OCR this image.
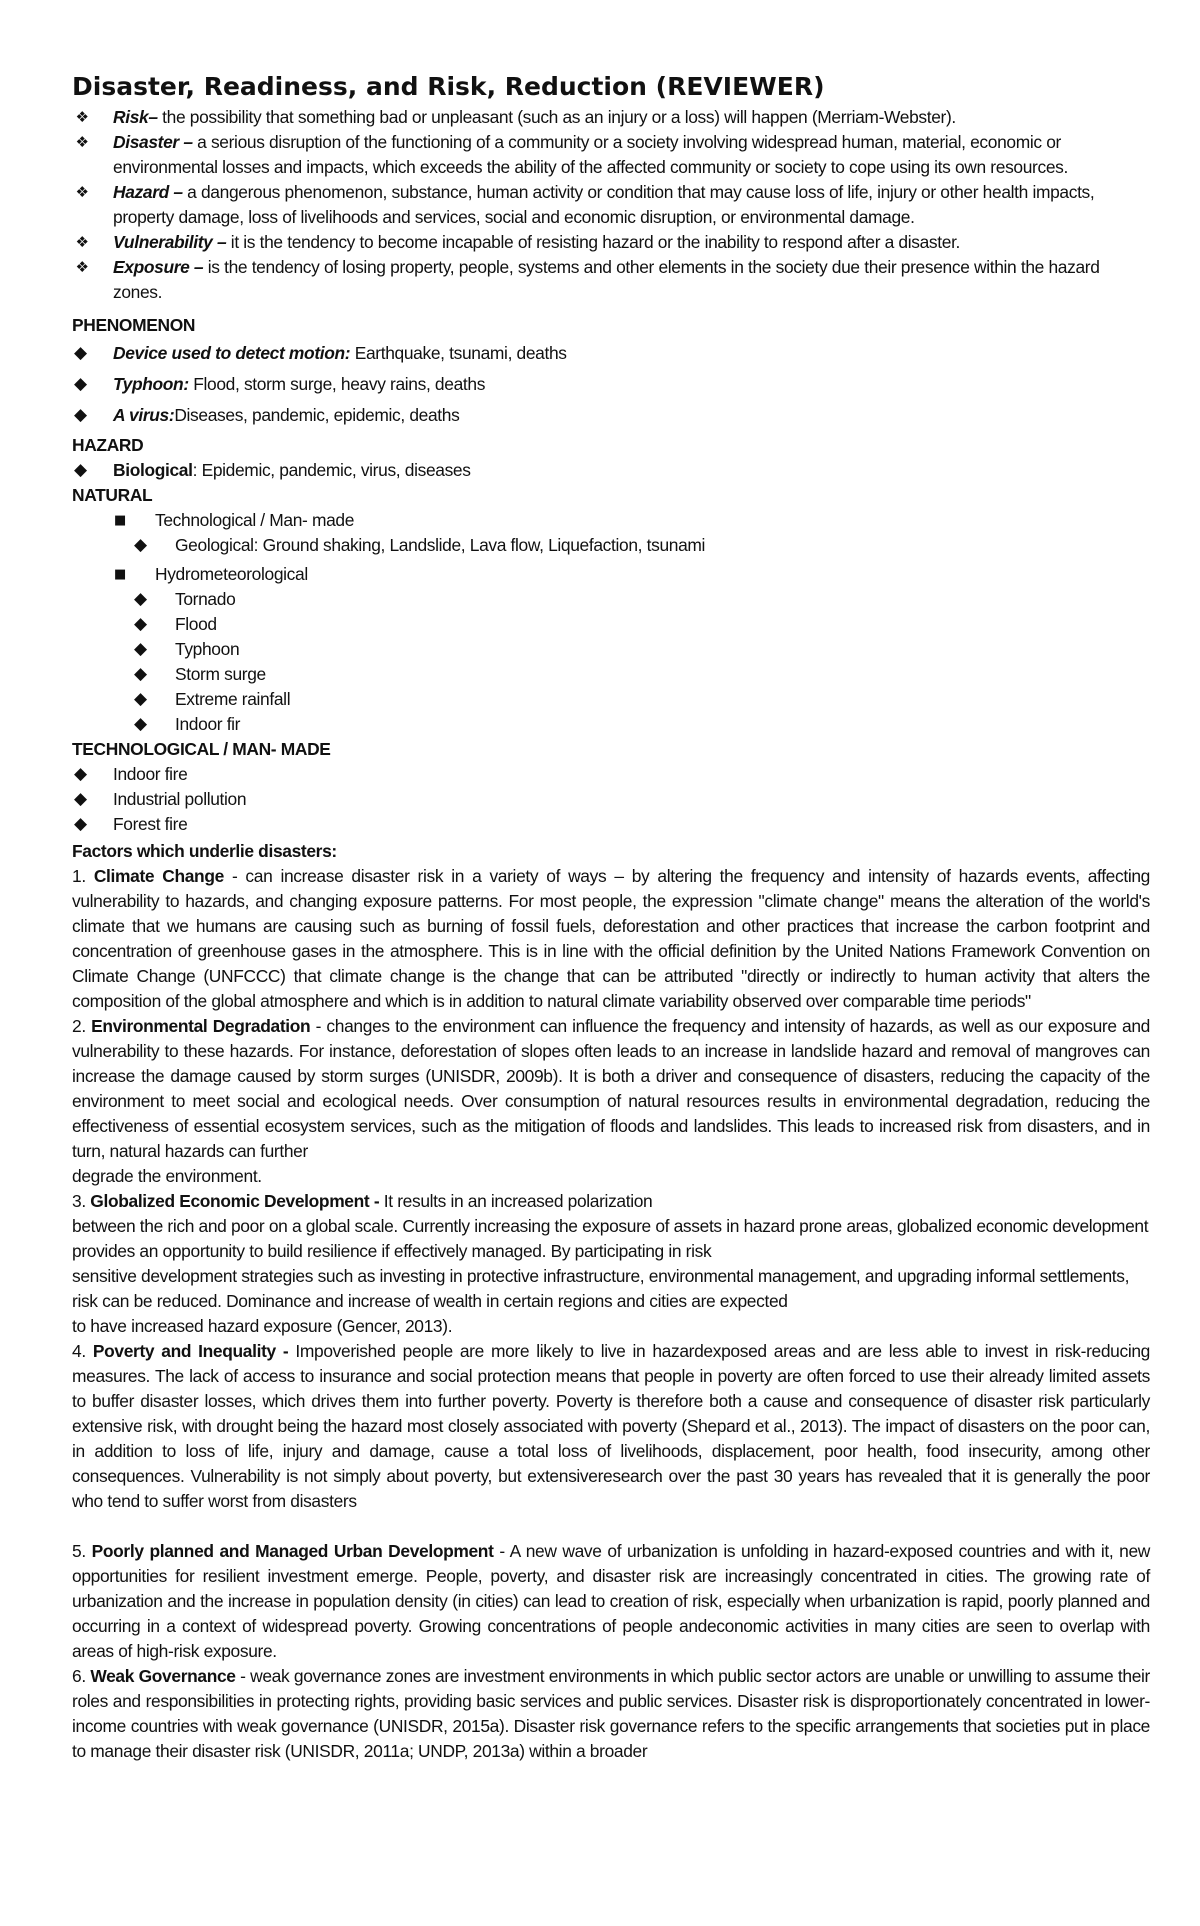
Disaster, Readiness, and Risk, Reduction (REVIEWER)
❖ Risk– the possibility that something bad or unpleasant (such as an injury or a loss) will happen (Merriam-Webster).
❖ Disaster – a serious disruption of the functioning of a community or a society involving widespread human, material, economic or environmental losses and impacts, which exceeds the ability of the affected community or society to cope using its own resources.
❖ Hazard – a dangerous phenomenon, substance, human activity or condition that may cause loss of life, injury or other health impacts, property damage, loss of livelihoods and services, social and economic disruption, or environmental damage.
❖ Vulnerability – it is the tendency to become incapable of resisting hazard or the inability to respond after a disaster.
❖ Exposure – is the tendency of losing property, people, systems and other elements in the society due their presence within the hazard zones.
PHENOMENON
◆ Device used to detect motion: Earthquake, tsunami, deaths
◆ Typhoon: Flood, storm surge, heavy rains, deaths
◆ A virus:Diseases, pandemic, epidemic, deaths
HAZARD
◆ Biological: Epidemic, pandemic, virus, diseases
NATURAL
■ Technological / Man- made
◆ Geological: Ground shaking, Landslide, Lava flow, Liquefaction, tsunami
■ Hydrometeorological
◆ Tornado
◆ Flood
◆ Typhoon
◆ Storm surge
◆ Extreme rainfall
◆ Indoor fir
TECHNOLOGICAL / MAN- MADE
◆ Indoor fire
◆ Industrial pollution
◆ Forest fire
Factors which underlie disasters:

1. Climate Change - can increase disaster risk in a variety of ways – by altering the frequency and intensity of hazards events, affecting vulnerability to hazards, and changing exposure patterns. For most people, the expression "climate change" means the alteration of the world's climate that we humans are causing such as burning of fossil fuels, deforestation and other practices that increase the carbon footprint and concentration of greenhouse gases in the atmosphere. This is in line with the official definition by the United Nations Framework Convention on Climate Change (UNFCCC) that climate change is the change that can be attributed "directly or indirectly to human activity that alters the composition of the global atmosphere and which is in addition to natural climate variability observed over comparable time periods"

2. Environmental Degradation - changes to the environment can influence the frequency and intensity of hazards, as well as our exposure and vulnerability to these hazards. For instance, deforestation of slopes often leads to an increase in landslide hazard and removal of mangroves can increase the damage caused by storm surges (UNISDR, 2009b). It is both a driver and consequence of disasters, reducing the capacity of the environment to meet social and ecological needs. Over consumption of natural resources results in environmental degradation, reducing the effectiveness of essential ecosystem services, such as the mitigation of floods and landslides. This leads to increased risk from disasters, and in turn, natural hazards can further

degrade the environment.

3. Globalized Economic Development - It results in an increased polarization

between the rich and poor on a global scale. Currently increasing the exposure of assets in hazard prone areas, globalized economic development provides an opportunity to build resilience if effectively managed. By participating in risk

sensitive development strategies such as investing in protective infrastructure, environmental management, and upgrading informal settlements, risk can be reduced. Dominance and increase of wealth in certain regions and cities are expected

to have increased hazard exposure (Gencer, 2013).

4. Poverty and Inequality - Impoverished people are more likely to live in hazardexposed areas and are less able to invest in risk-reducing measures. The lack of access to insurance and social protection means that people in poverty are often forced to use their already limited assets to buffer disaster losses, which drives them into further poverty. Poverty is therefore both a cause and consequence of disaster risk particularly extensive risk, with drought being the hazard most closely associated with poverty (Shepard et al., 2013). The impact of disasters on the poor can, in addition to loss of life, injury and damage, cause a total loss of livelihoods, displacement, poor health, food insecurity, among other consequences. Vulnerability is not simply about poverty, but extensiveresearch over the past 30 years has revealed that it is generally the poor who tend to suffer worst from disasters

5. Poorly planned and Managed Urban Development - A new wave of urbanization is unfolding in hazard-exposed countries and with it, new opportunities for resilient investment emerge. People, poverty, and disaster risk are increasingly concentrated in cities. The growing rate of urbanization and the increase in population density (in cities) can lead to creation of risk, especially when urbanization is rapid, poorly planned and occurring in a context of widespread poverty. Growing concentrations of people andeconomic activities in many cities are seen to overlap with areas of high-risk exposure.

6. Weak Governance - weak governance zones are investment environments in which public sector actors are unable or unwilling to assume their roles and responsibilities in protecting rights, providing basic services and public services. Disaster risk is disproportionately concentrated in lower-income countries with weak governance (UNISDR, 2015a). Disaster risk governance refers to the specific arrangements that societies put in place to manage their disaster risk (UNISDR, 2011a; UNDP, 2013a) within a broader
